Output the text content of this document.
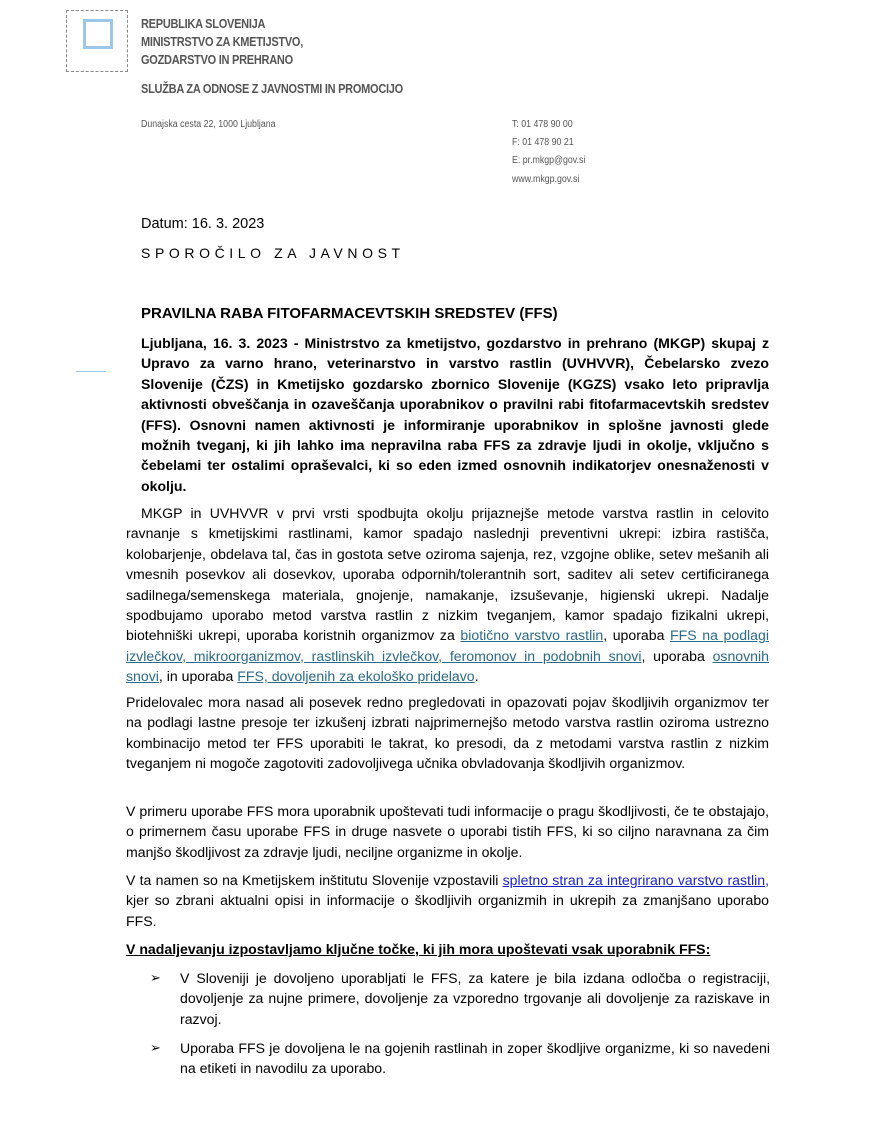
REPUBLIKA SLOVENIJA
MINISTRSTVO ZA KMETIJSTVO,
GOZDARSTVO IN PREHRANO
SLUŽBA ZA ODNOSE Z JAVNOSTMI IN PROMOCIJO
Dunajska cesta 22, 1000 Ljubljana	T: 01 478 90 00
F: 01 478 90 21
E: pr.mkgp@gov.si
www.mkgp.gov.si
Datum: 16. 3. 2023
SPOROČILO ZA JAVNOST
PRAVILNA RABA FITOFARMACEVTSKIH SREDSTEV (FFS)
Ljubljana, 16. 3. 2023 - Ministrstvo za kmetijstvo, gozdarstvo in prehrano (MKGP) skupaj z Upravo za varno hrano, veterinarstvo in varstvo rastlin (UVHVVR), Čebelarsko zvezo Slovenije (ČZS) in Kmetijsko gozdarsko zbornico Slovenije (KGZS) vsako leto pripravlja aktivnosti obveščanja in ozaveščanja uporabnikov o pravilni rabi fitofarmacevtskih sredstev (FFS). Osnovni namen aktivnosti je informiranje uporabnikov in splošne javnosti glede možnih tveganj, ki jih lahko ima nepravilna raba FFS za zdravje ljudi in okolje, vključno s čebelami ter ostalimi opraševalci, ki so eden izmed osnovnih indikatorjev onesnaženosti v okolju.
MKGP in UVHVVR v prvi vrsti spodbujta okolju prijaznejše metode varstva rastlin in celovito ravnanje s kmetijskimi rastlinami, kamor spadajo naslednji preventivni ukrepi: izbira rastišča, kolobarjenje, obdelava tal, čas in gostota setve oziroma sajenja, rez, vzgojne oblike, setev mešanih ali vmesnih posevkov ali dosevkov, uporaba odpornih/tolerantnih sort, saditev ali setev certificiranega sadilnega/semenskega materiala, gnojenje, namakanje, izsuševanje, higienski ukrepi. Nadalje spodbujamo uporabo metod varstva rastlin z nizkim tveganjem, kamor spadajo fizikalni ukrepi, biotehniški ukrepi, uporaba koristnih organizmov za biotično varstvo rastlin, uporaba FFS na podlagi izvlečkov, mikroorganizmov, rastlinskih izvlečkov, feromonov in podobnih snovi, uporaba osnovnih snovi, in uporaba FFS, dovoljenih za ekološko pridelavo.
Pridelovalec mora nasad ali posevek redno pregledovati in opazovati pojav škodljivih organizmov ter na podlagi lastne presoje ter izkušenj izbrati najprimernejšo metodo varstva rastlin oziroma ustrezno kombinacijo metod ter FFS uporabiti le takrat, ko presodi, da z metodami varstva rastlin z nizkim tveganjem ni mogoče zagotoviti zadovoljivega učnika obvladovanja škodljivih organizmov.
V primeru uporabe FFS mora uporabnik upoštevati tudi informacije o pragu škodljivosti, če te obstajajo, o primernem času uporabe FFS in druge nasvete o uporabi tistih FFS, ki so ciljno naravnana za čim manjšo škodljivost za zdravje ljudi, neciljne organizme in okolje.
V ta namen so na Kmetijskem inštitutu Slovenije vzpostavili spletno stran za integrirano varstvo rastlin, kjer so zbrani aktualni opisi in informacije o škodljivih organizmih in ukrepih za zmanjšano uporabo FFS.
V nadaljevanju izpostavljamo ključne točke, ki jih mora upoštevati vsak uporabnik FFS:
➢ V Sloveniji je dovoljeno uporabljati le FFS, za katere je bila izdana odločba o registraciji, dovoljenje za nujne primere, dovoljenje za vzporedno trgovanje ali dovoljenje za raziskave in razvoj.
➢ Uporaba FFS je dovoljena le na gojenih rastlinah in zoper škodljive organizme, ki so navedeni na etiketi in navodilu za uporabo.
